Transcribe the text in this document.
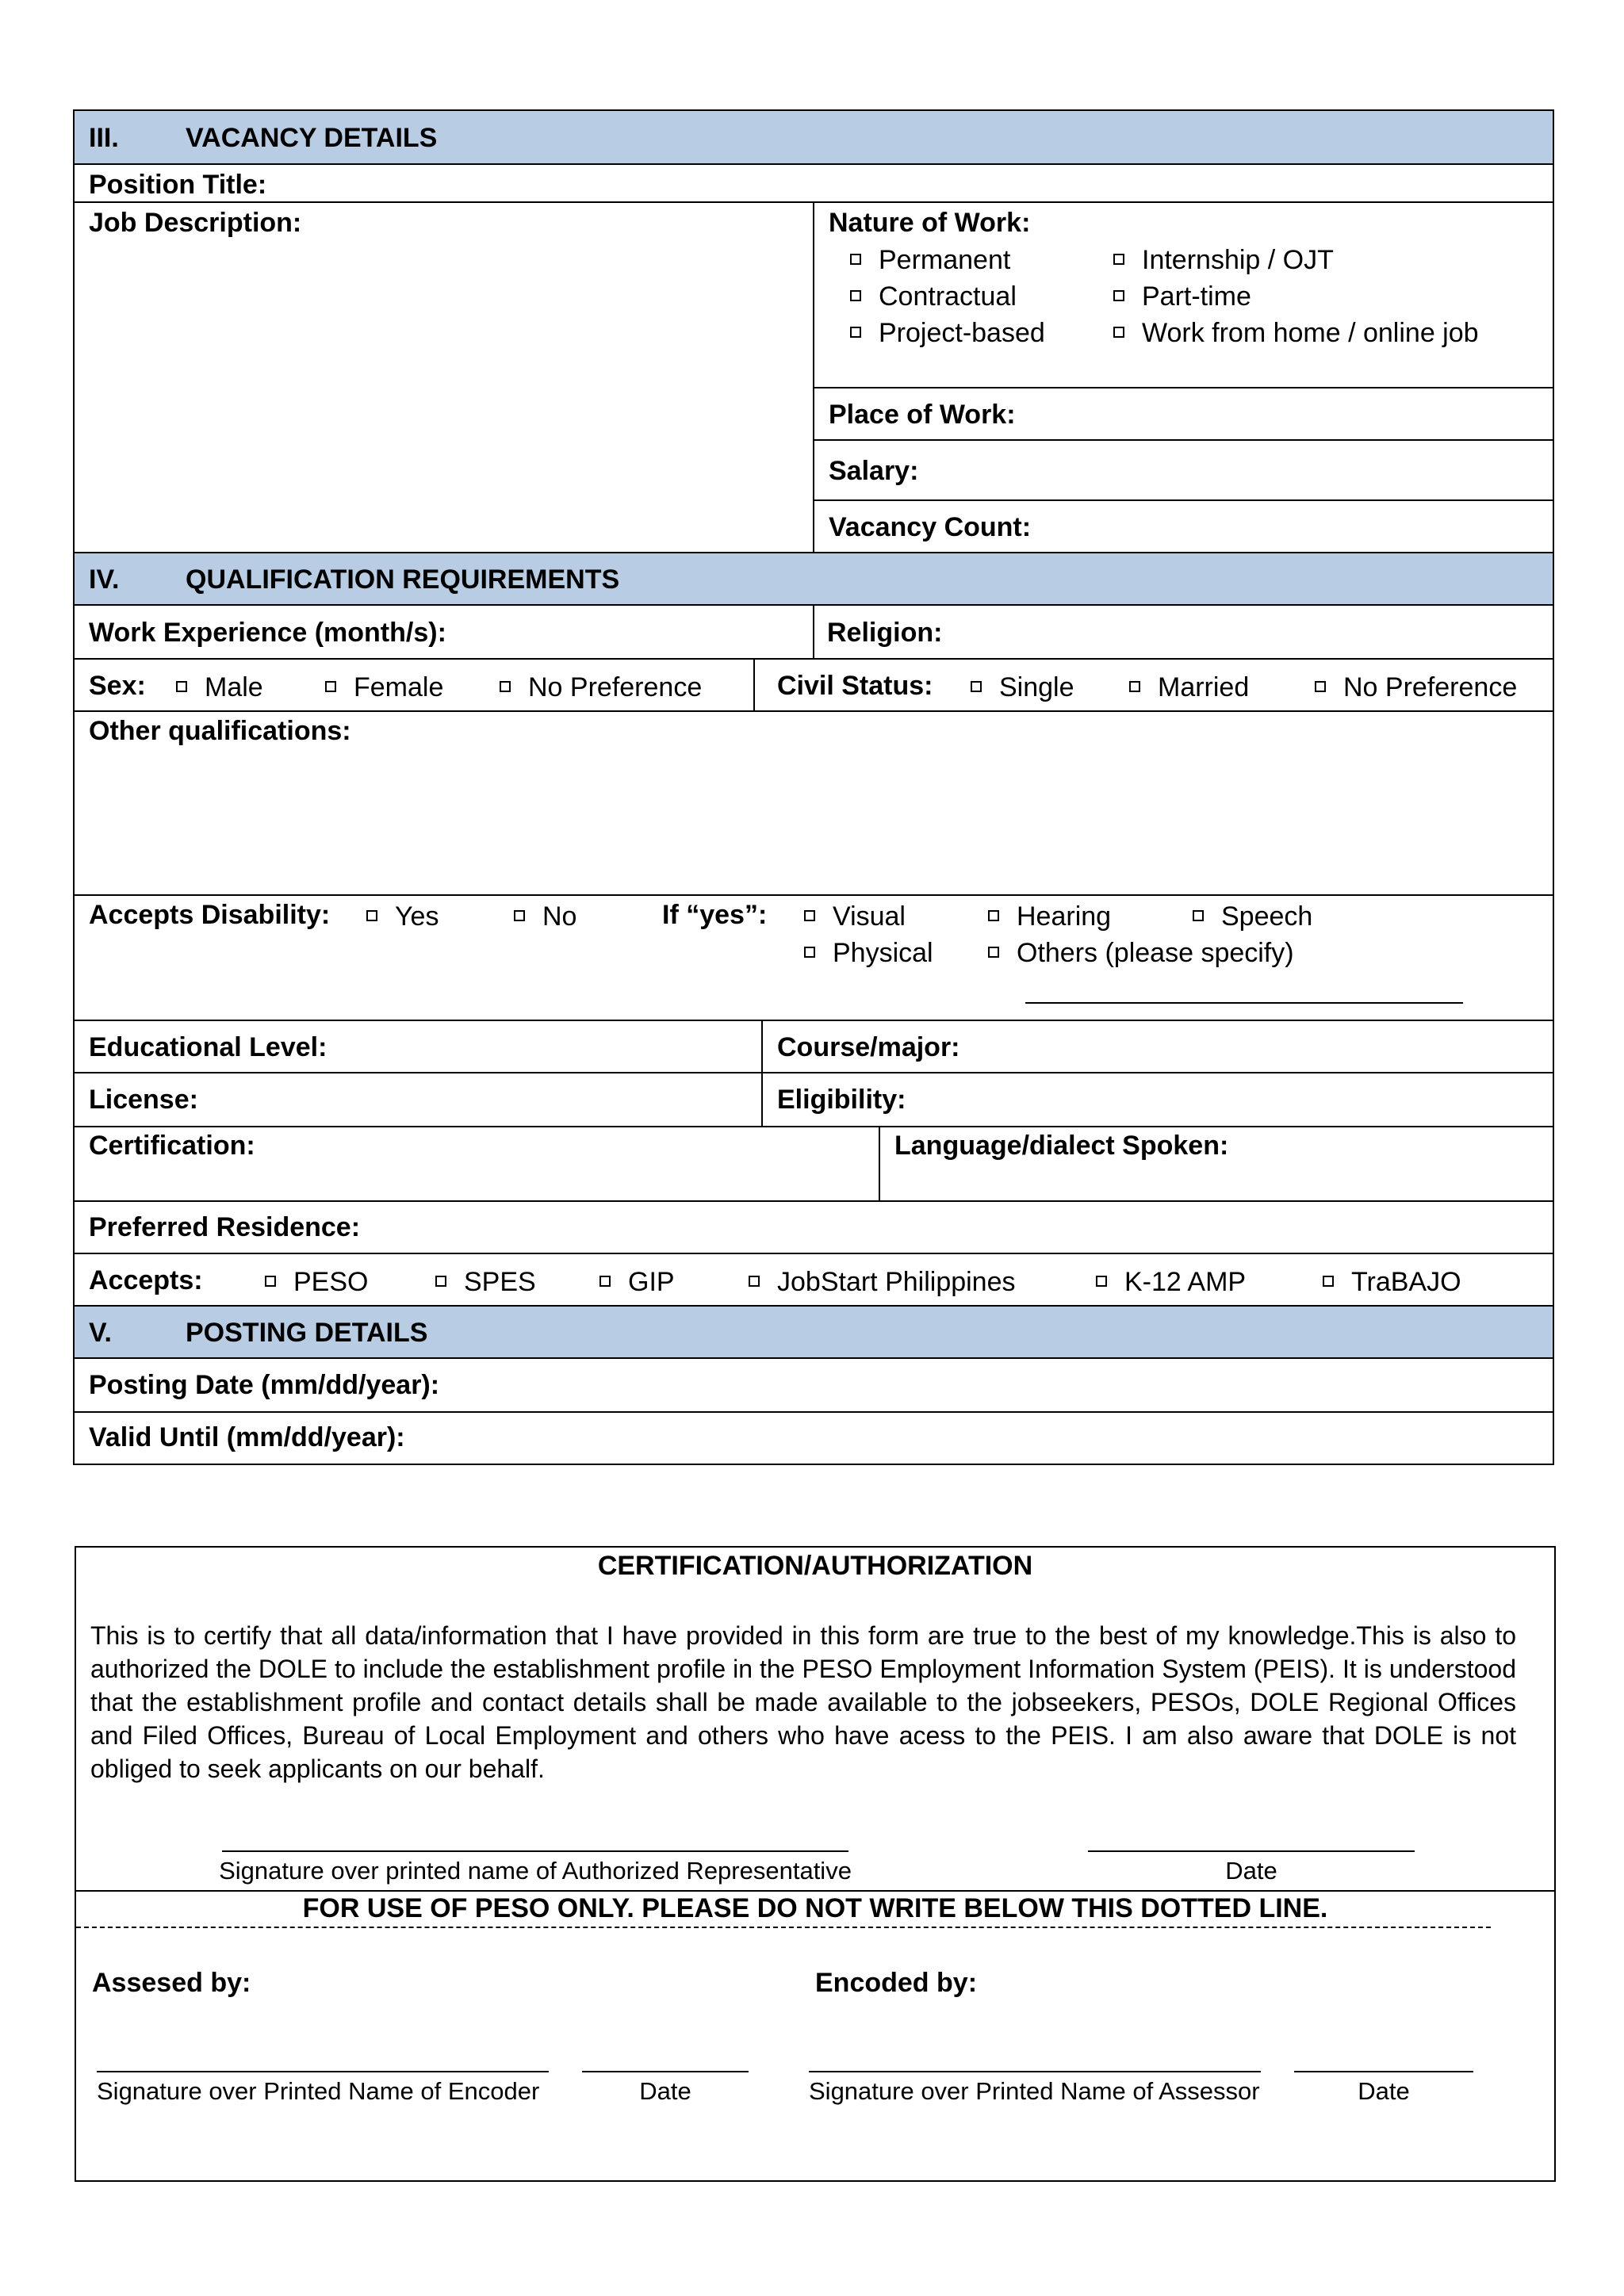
III. VACANCY DETAILS
Position Title:
Job Description:	Nature of Work:
Permanent
Contractual
Project-based
Internship / OJT
Part-time
Work from home / online job
Place of Work:
Salary:
Vacancy Count:
IV. QUALIFICATION REQUIREMENTS
Work Experience (month/s):	Religion:
Sex:	Male	Female	No Preference	Civil Status:	Single	Married	No Preference
Other qualifications:
Accepts Disability:	Yes	No	If “yes”:	Visual	Hearing	Speech
Physical	Others (please specify)
Educational Level:	Course/major:
License:	Eligibility:
Certification:	Language/dialect Spoken:
Preferred Residence:
Accepts:	PESO	SPES	GIP	JobStart Philippines	K-12 AMP	TraBAJO
V.	POSTING DETAILS
Posting Date (mm/dd/year):
Valid Until (mm/dd/year):
CERTIFICATION/AUTHORIZATION
This is to certify that all data/information that I have provided in this form are true to the best of my knowledge.This is also to authorized the DOLE to include the establishment profile in the PESO Employment Information System (PEIS). It is understood that the establishment profile and contact details shall be made available to the jobseekers, PESOs, DOLE Regional Offices and Filed Offices, Bureau of Local Employment and others who have acess to the PEIS. I am also aware that DOLE is not obliged to seek applicants on our behalf.
Signature over printed name of Authorized Representative	Date
FOR USE OF PESO ONLY. PLEASE DO NOT WRITE BELOW THIS DOTTED LINE.
Assesed by:	Encoded by:
Signature over Printed Name of Encoder	Date	Signature over Printed Name of Assessor	Date
